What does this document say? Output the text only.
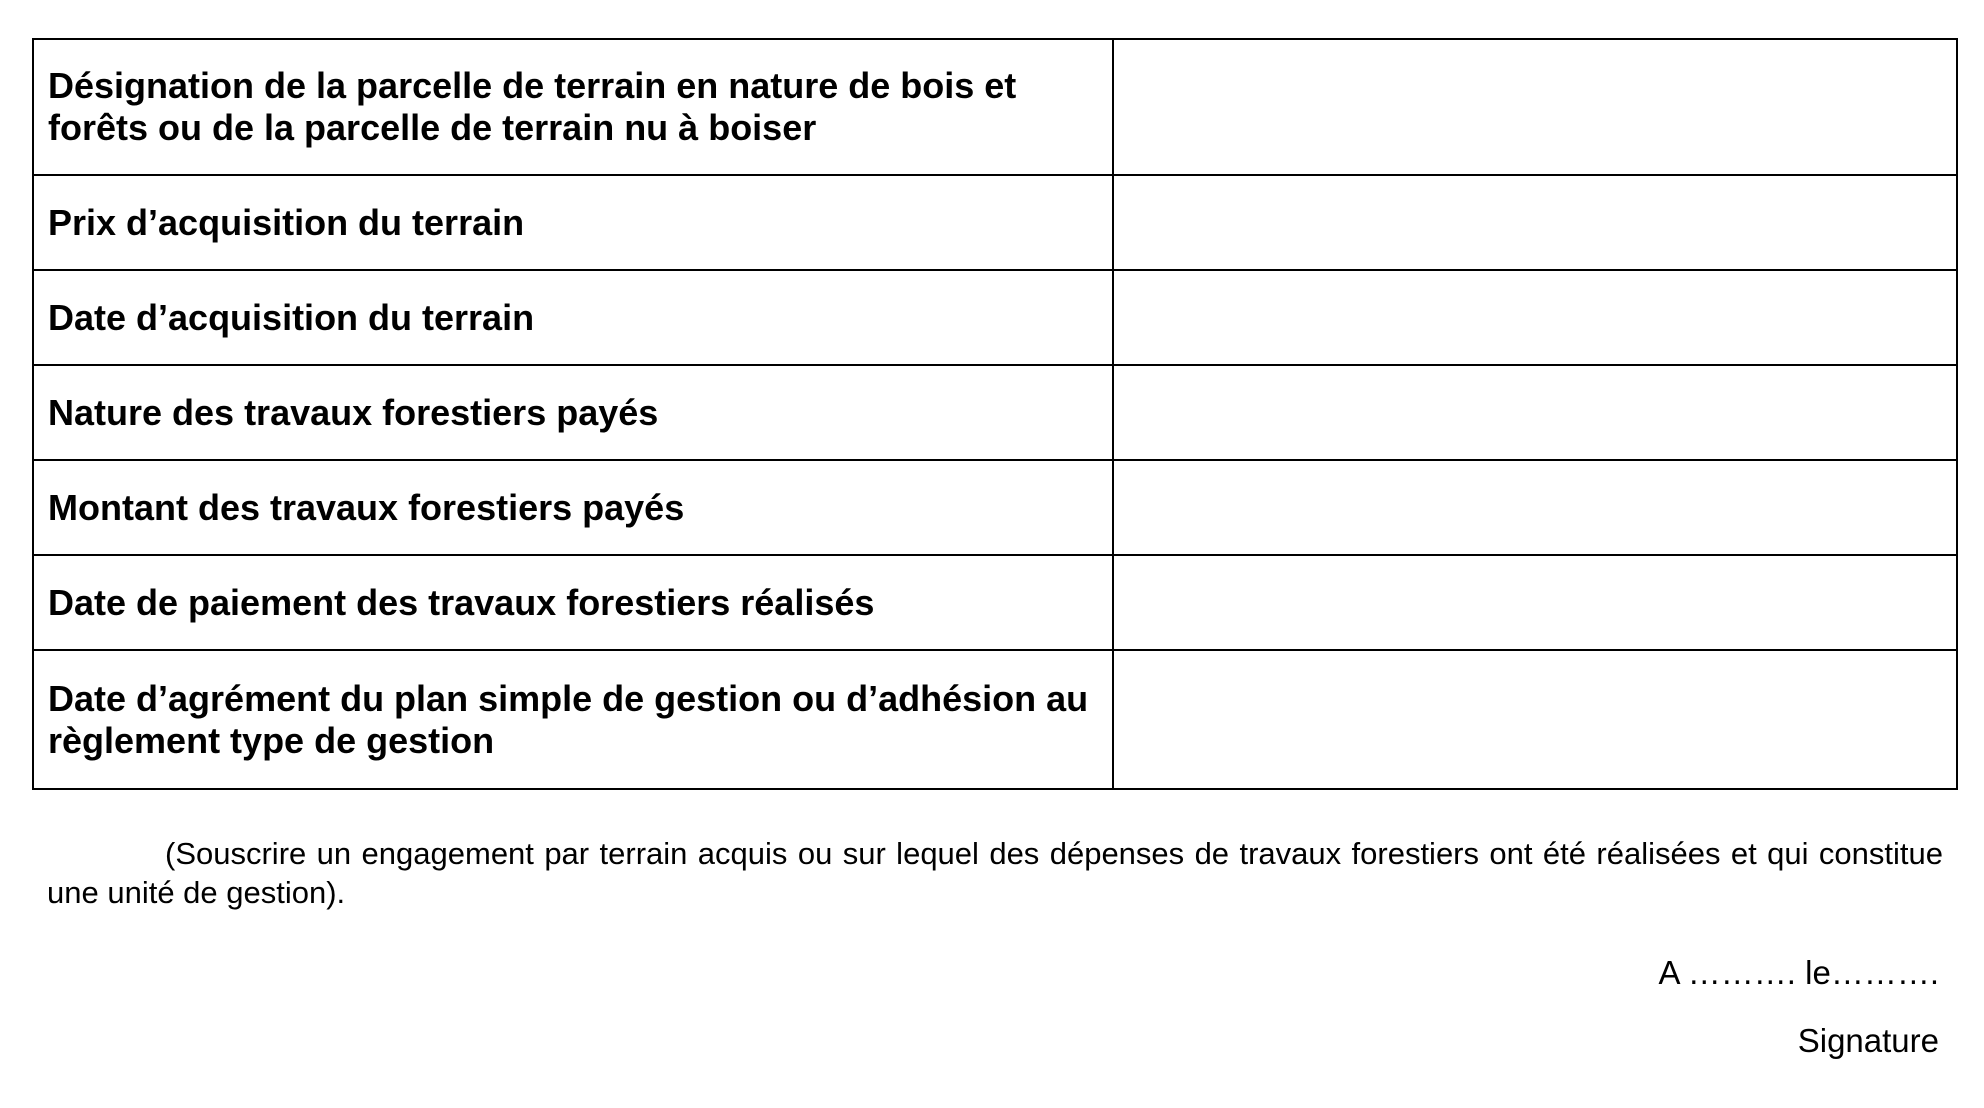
Désignation de la parcelle de terrain en nature de bois et forêts ou de la parcelle de terrain nu à boiser	
Prix d’acquisition du terrain	
Date d’acquisition du terrain	
Nature des travaux forestiers payés	
Montant des travaux forestiers payés	
Date de paiement des travaux forestiers réalisés	
Date d’agrément du plan simple de gestion ou d’adhésion au règlement type de gestion	

(Souscrire un engagement par terrain acquis ou sur lequel des dépenses de travaux forestiers ont été réalisées et qui constitue une unité de gestion).

A ………. le……….

Signature
